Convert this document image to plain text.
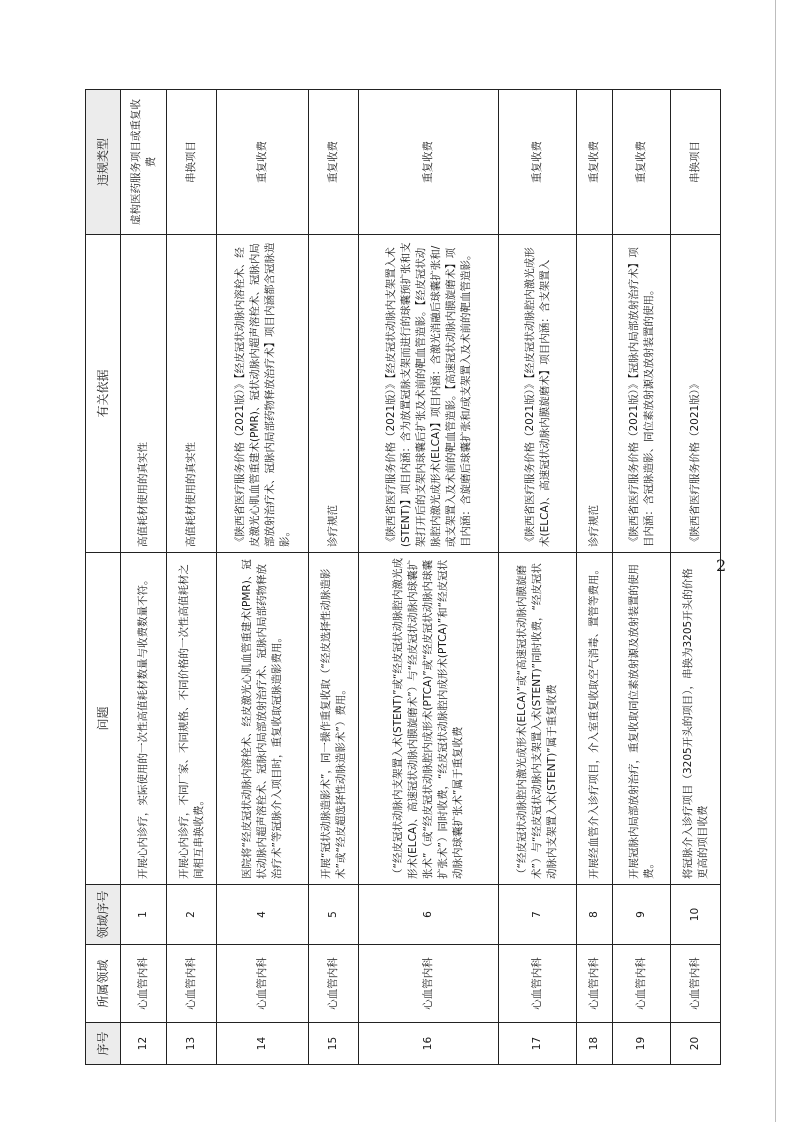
序号	所属领域	领域序号	问题	有关依据	违规类型
12	心血管内科	1	开展心内诊疗，实际使用的一次性高值耗材数量与收费数量不符。	高值耗材使用的真实性	虚构医药服务项目或重复收费
13	心血管内科	2	开展心内诊疗，不同厂家、不同规格、不同价格的一次性高值耗材之间相互串换收费。	高值耗材使用的真实性	串换项目
14	心血管内科	4	医院将“经皮冠状动脉内溶栓术、经皮激光心肌血管重建术(PMR)、冠状动脉内超声溶栓术、冠脉内局部放射治疗术、冠脉内局部药物释放治疗术”等冠脉介入项目时，重复收取冠脉造影费用。	《陕西省医疗服务价格（2021版）》【经皮冠状动脉内溶栓术、经皮激光心肌血管重建术(PMR)、冠状动脉内超声溶栓术、冠脉内局部放射治疗术、冠脉内局部药物释放治疗术】项目内涵都含冠脉造影。	重复收费
15	心血管内科	5	开展“冠状动脉造影术”，同一操作重复收取（“经皮选择性动脉造影术”或“经皮超选择性动脉造影术”）费用。	诊疗规范	重复收费
16	心血管内科	6	（“经皮冠状动脉内支架置入术(STENT)”或“经皮冠状动脉腔内激光成形术(ELCA)、高速冠状动脉内膜旋磨术”）与“经皮冠状动脉内球囊扩张术”（或“经皮冠状动脉腔内成形术(PTCA)”或“经皮冠状动脉内球囊扩张术”）同时收费，“经皮冠状动脉腔内成形术(PTCA)”和“经皮冠状动脉内球囊扩张术”属于重复收费	《陕西省医疗服务价格（2021版）》【经皮冠状动脉内支架置入术(STENT)】项目内涵：含为放置冠脉支架而进行的球囊预扩张和支架打开后的支架内球囊后扩张及术前的靶血管造影。【经皮冠状动脉腔内激光成形术(ELCA)】项目内涵：含激光消融后球囊扩张和/或支架置入及术前的靶血管造影。【高速冠状动脉内膜旋磨术】项目内涵：含旋磨后球囊扩张和/或支架置入及术前的靶血管造影。	重复收费
17	心血管内科	7	（“经皮冠状动脉腔内激光成形术(ELCA)”或“高速冠状动脉内膜旋磨术”）与“经皮冠状动脉内支架置入术(STENT)”同时收费，“经皮冠状动脉内支架置入术(STENT)”属于重复收费	《陕西省医疗服务价格（2021版）》【经皮冠状动脉腔内激光成形术(ELCA)、高速冠状动脉内膜旋磨术】项目内涵：含支架置入	重复收费
18	心血管内科	8	开展经血管介入诊疗项目，介入室重复收取空气消毒、置管等费用。	诊疗规范	重复收费
19	心血管内科	9	开展冠脉内局部放射治疗，重复收取同位素放射源及放射装置的使用费。	《陕西省医疗服务价格（2021版）》【冠脉内局部放射治疗术】项目内涵：含冠脉造影、同位素放射源及放射装置的使用。	重复收费
20	心血管内科	10	将冠脉介入诊疗项目（3205开头的项目），串换为3205开头的价格更高的项目收费	《陕西省医疗服务价格（2021版）》	串换项目
2
